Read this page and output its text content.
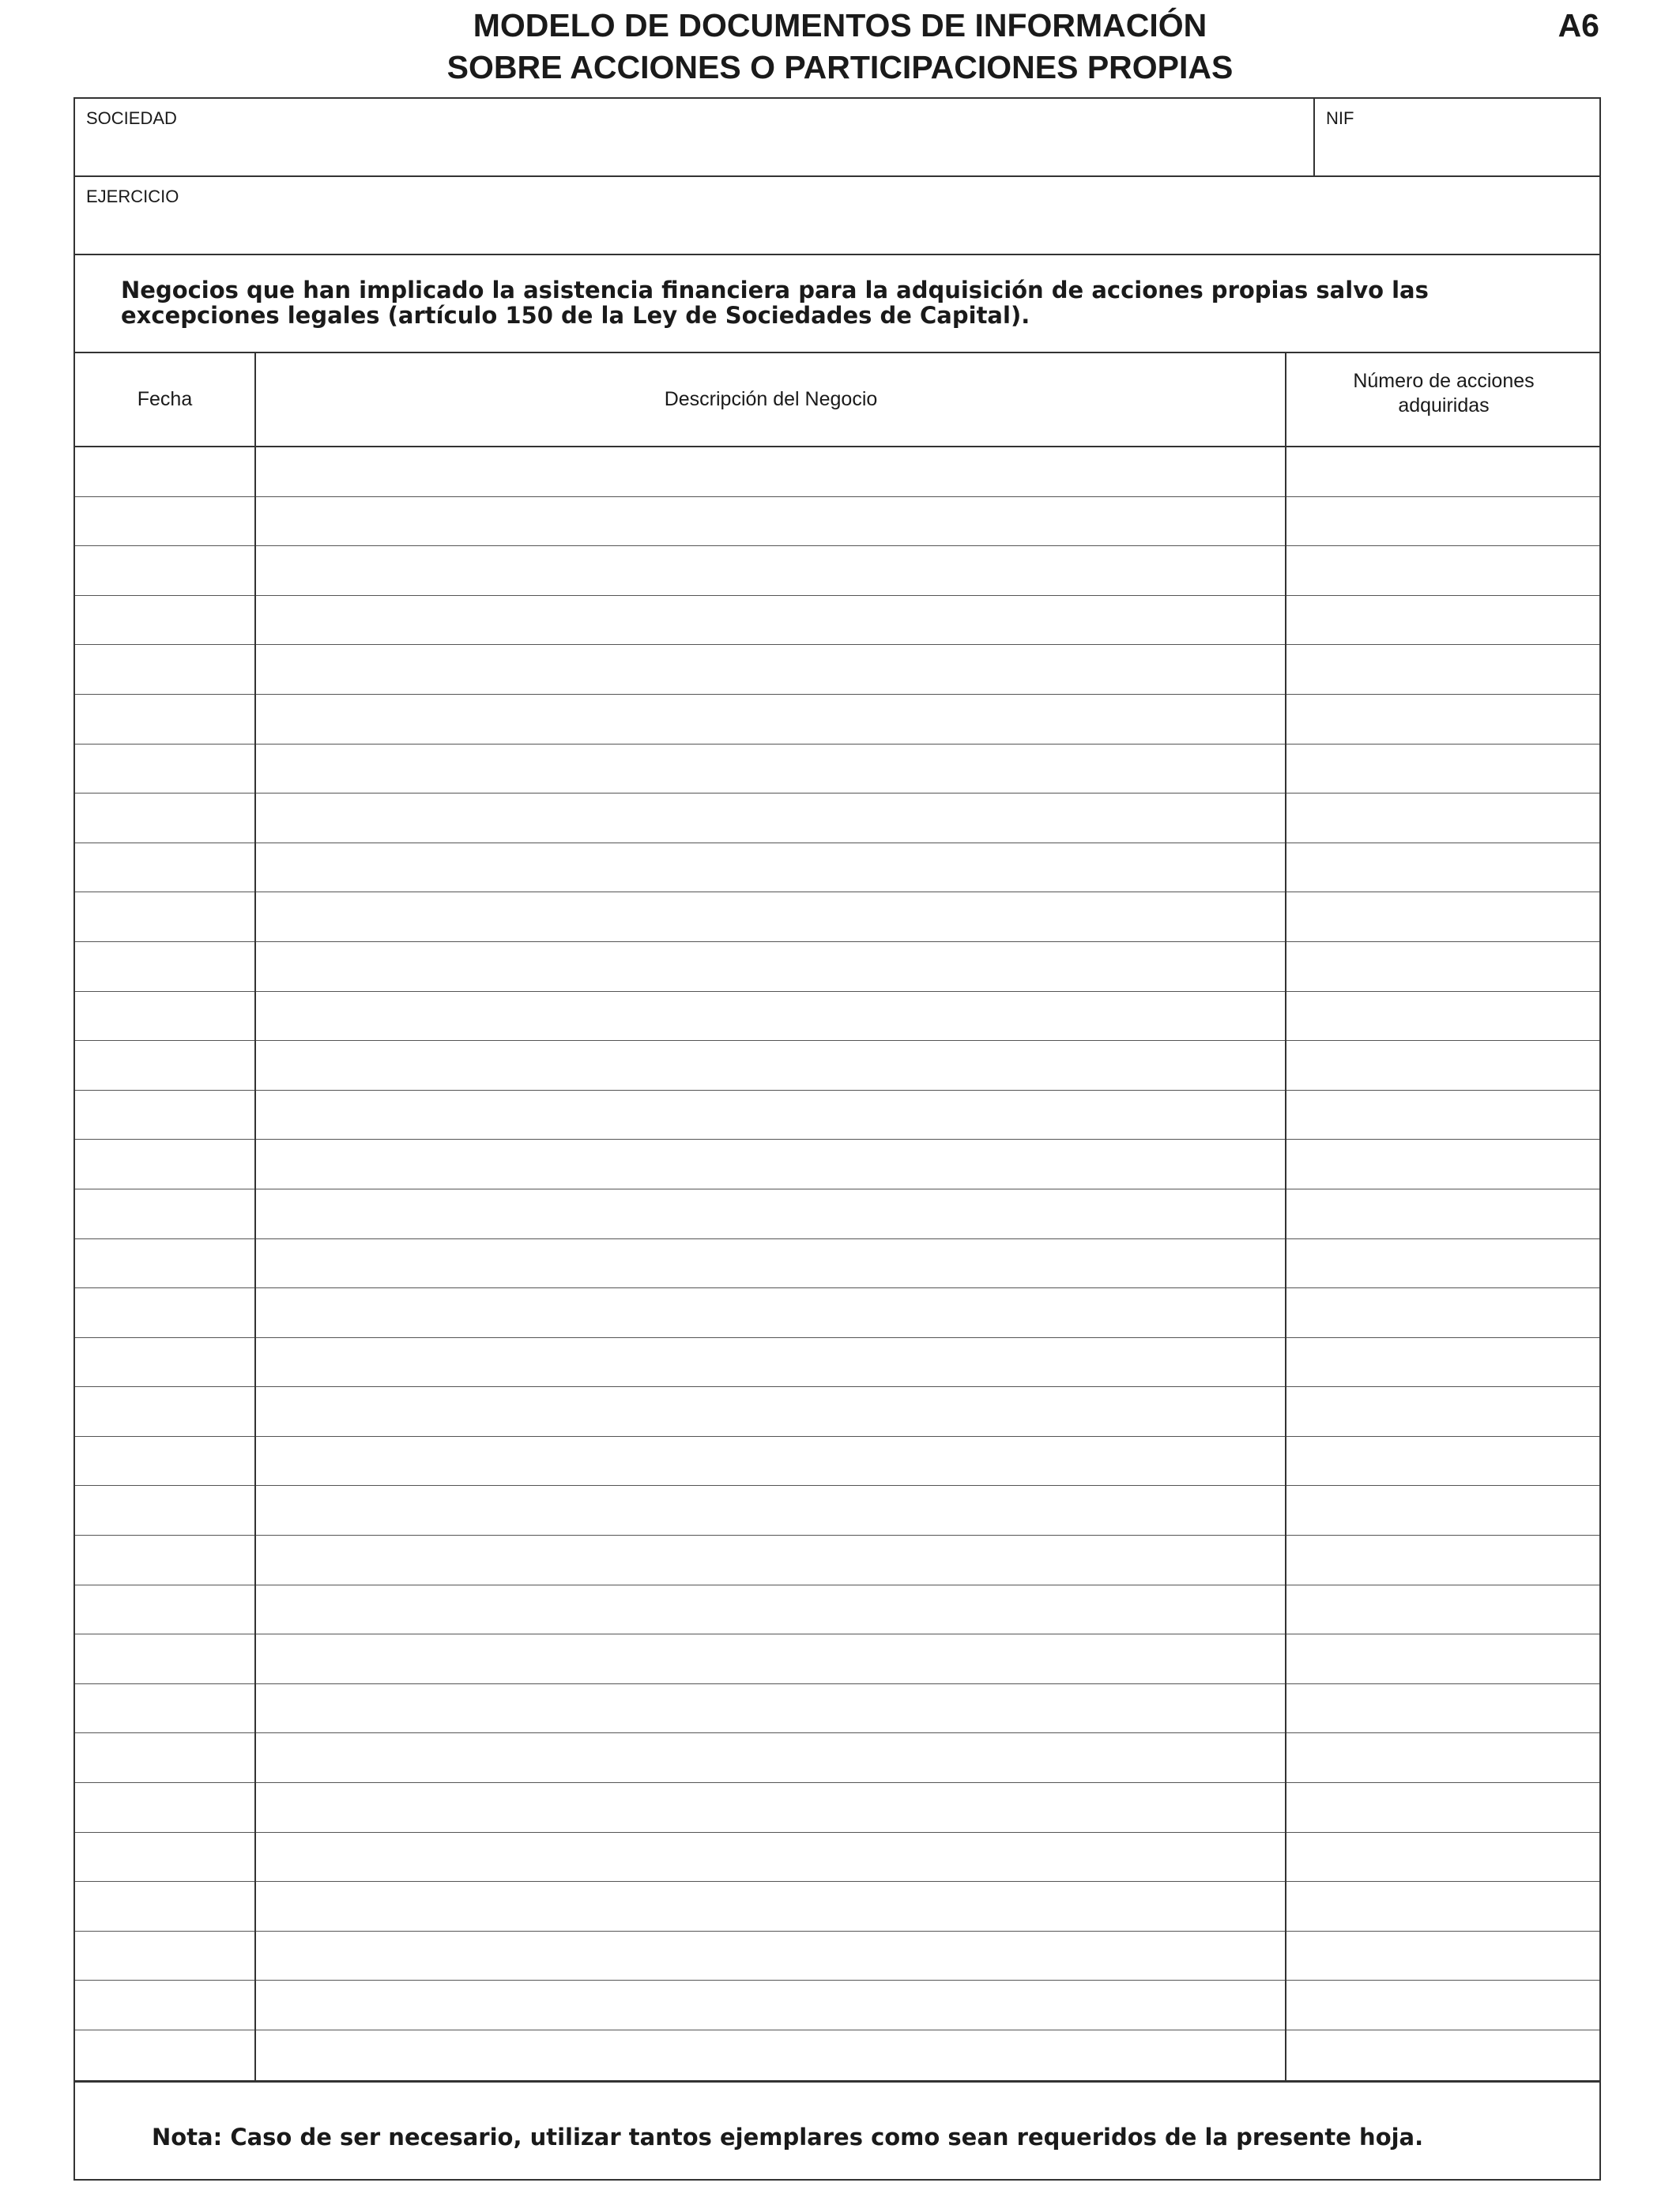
MODELO DE DOCUMENTOS DE INFORMACIÓN
SOBRE ACCIONES O PARTICIPACIONES PROPIAS
A6
SOCIEDAD	NIF
EJERCICIO
Negocios que han implicado la asistencia financiera para la adquisición de acciones propias salvo las excepciones legales (artículo 150 de la Ley de Sociedades de Capital).
Fecha	Descripción del Negocio
Número de acciones adquiridas
Nota: Caso de ser necesario, utilizar tantos ejemplares como sean requeridos de la presente hoja.
